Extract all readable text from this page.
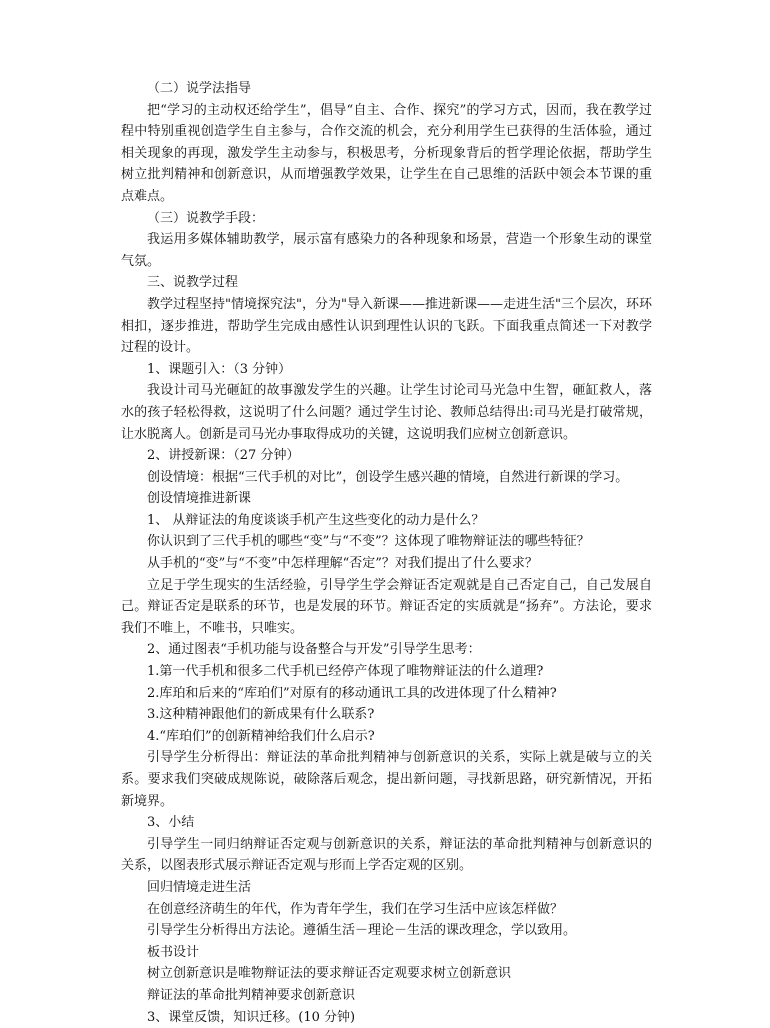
（二）说学法指导

把“学习的主动权还给学生”，倡导“自主、合作、探究”的学习方式，因而，我在教学过程中特别重视创造学生自主参与，合作交流的机会，充分利用学生已获得的生活体验，通过相关现象的再现，激发学生主动参与，积极思考，分析现象背后的哲学理论依据，帮助学生树立批判精神和创新意识，从而增强教学效果，让学生在自己思维的活跃中领会本节课的重点难点。

（三）说教学手段：

我运用多媒体辅助教学，展示富有感染力的各种现象和场景，营造一个形象生动的课堂气氛。

三、说教学过程

教学过程坚持"情境探究法"，分为"导入新课——推进新课——走进生活"三个层次，环环相扣，逐步推进，帮助学生完成由感性认识到理性认识的飞跃。下面我重点简述一下对教学过程的设计。

1、课题引入：（3 分钟）

我设计司马光砸缸的故事激发学生的兴趣。让学生讨论司马光急中生智，砸缸救人，落水的孩子轻松得救，这说明了什么问题？通过学生讨论、教师总结得出:司马光是打破常规，让水脱离人。创新是司马光办事取得成功的关键，这说明我们应树立创新意识。

2、讲授新课：（27 分钟）

创设情境：根据“三代手机的对比”，创设学生感兴趣的情境，自然进行新课的学习。

创设情境推进新课

1、 从辩证法的角度谈谈手机产生这些变化的动力是什么？

你认识到了三代手机的哪些“变”与“不变”？这体现了唯物辩证法的哪些特征？

从手机的“变”与“不变”中怎样理解“否定”？对我们提出了什么要求？

立足于学生现实的生活经验，引导学生学会辩证否定观就是自己否定自己，自己发展自己。辩证否定是联系的环节，也是发展的环节。辩证否定的实质就是“扬弃”。方法论，要求我们不唯上，不唯书，只唯实。

2、通过图表“手机功能与设备整合与开发”引导学生思考：

1.第一代手机和很多二代手机已经停产体现了唯物辩证法的什么道理?

2.库珀和后来的“库珀们”对原有的移动通讯工具的改进体现了什么精神?

3.这种精神跟他们的新成果有什么联系?

4.“库珀们”的创新精神给我们什么启示?

引导学生分析得出：辩证法的革命批判精神与创新意识的关系，实际上就是破与立的关系。要求我们突破成规陈说，破除落后观念，提出新问题，寻找新思路，研究新情况，开拓新境界。

3、小结

引导学生一同归纳辩证否定观与创新意识的关系，辩证法的革命批判精神与创新意识的关系，以图表形式展示辩证否定观与形而上学否定观的区别。

回归情境走进生活

在创意经济萌生的年代，作为青年学生，我们在学习生活中应该怎样做？

引导学生分析得出方法论。遵循生活－理论－生活的课改理念，学以致用。

板书设计

树立创新意识是唯物辩证法的要求辩证否定观要求树立创新意识

辩证法的革命批判精神要求创新意识

3、课堂反馈，知识迁移。(10 分钟)
